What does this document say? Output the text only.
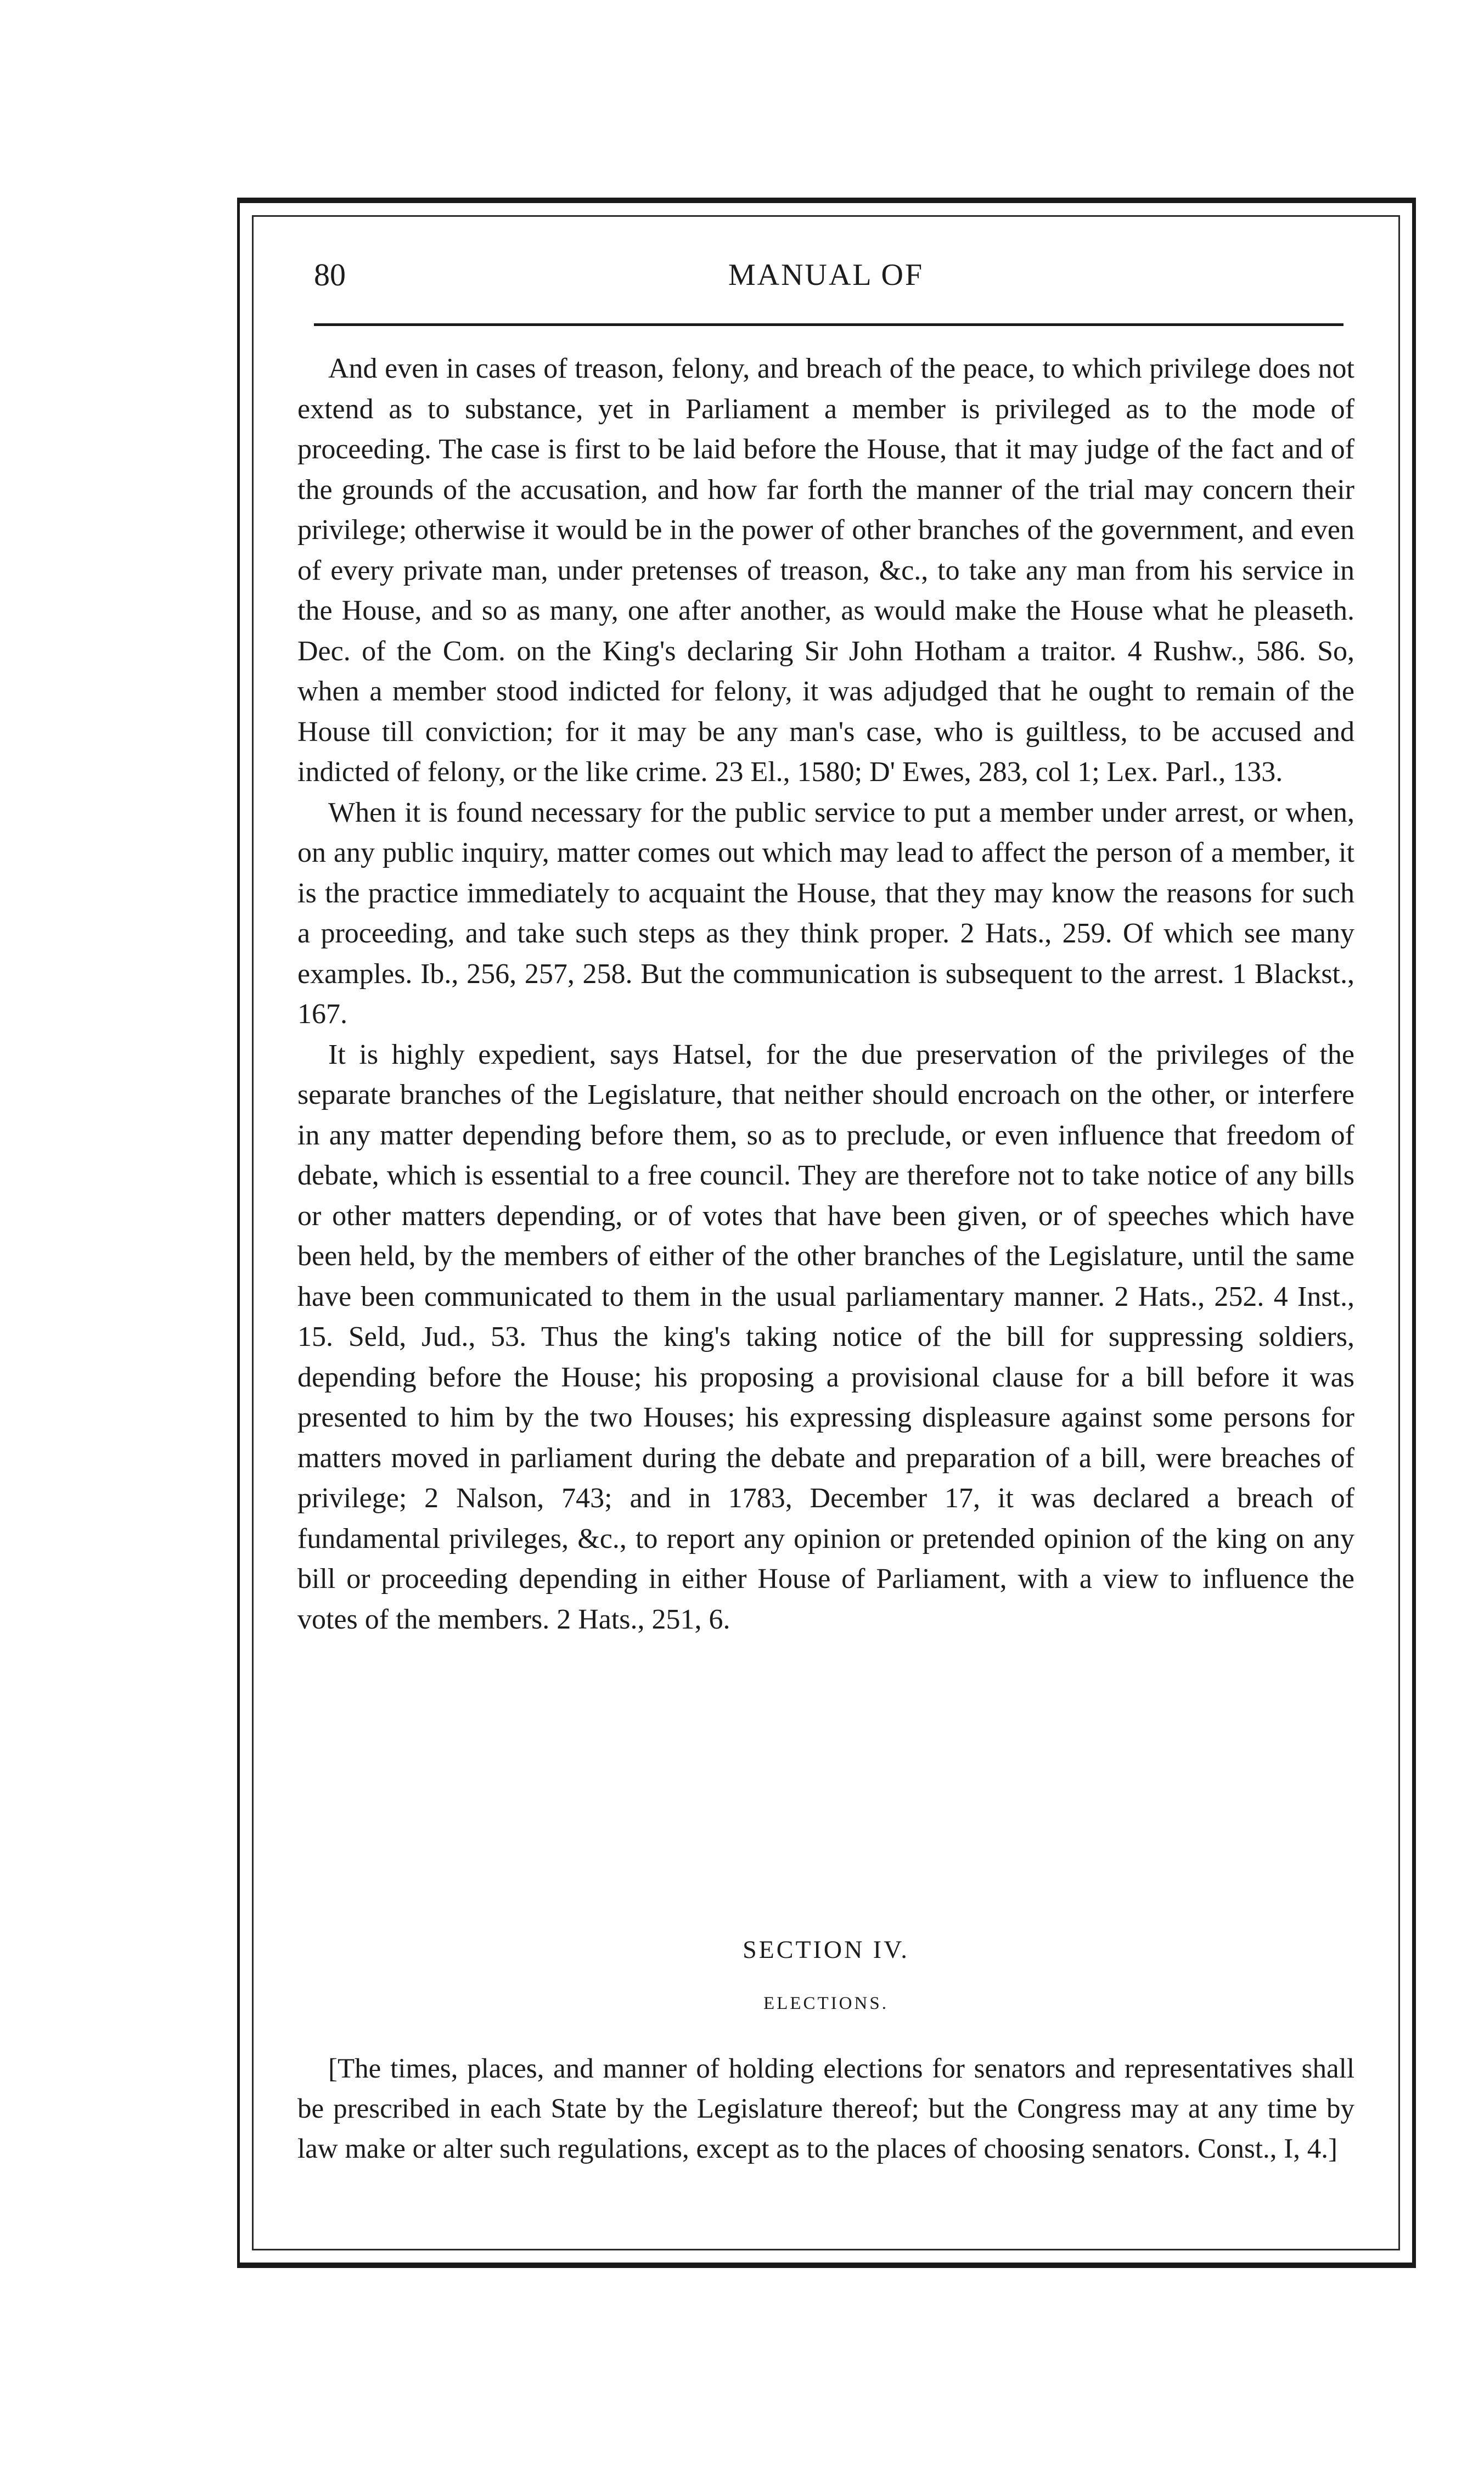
80	MANUAL OF

And even in cases of treason, felony, and breach of the peace, to which privilege does not extend as to substance, yet in Parliament a member is privileged as to the mode of proceeding. The case is first to be laid before the House, that it may judge of the fact and of the grounds of the accusation, and how far forth the manner of the trial may concern their privilege; otherwise it would be in the power of other branches of the government, and even of every private man, under pretenses of treason, &c., to take any man from his service in the House, and so as many, one after another, as would make the House what he pleaseth. Dec. of the Com. on the King's declaring Sir John Hotham a traitor. 4 Rushw., 586. So, when a member stood indicted for felony, it was adjudged that he ought to remain of the House till conviction; for it may be any man's case, who is guiltless, to be accused and indicted of felony, or the like crime. 23 El., 1580; D' Ewes, 283, col 1; Lex. Parl., 133.

When it is found necessary for the public service to put a member under arrest, or when, on any public inquiry, matter comes out which may lead to affect the person of a member, it is the practice immediately to acquaint the House, that they may know the reasons for such a proceeding, and take such steps as they think proper. 2 Hats., 259. Of which see many examples. Ib., 256, 257, 258. But the communication is subsequent to the arrest. 1 Blackst., 167.

It is highly expedient, says Hatsel, for the due preservation of the privileges of the separate branches of the Legislature, that neither should encroach on the other, or interfere in any matter depending before them, so as to preclude, or even influence that freedom of debate, which is essential to a free council. They are therefore not to take notice of any bills or other matters depending, or of votes that have been given, or of speeches which have been held, by the members of either of the other branches of the Legislature, until the same have been communicated to them in the usual parliamentary manner. 2 Hats., 252. 4 Inst., 15. Seld, Jud., 53. Thus the king's taking notice of the bill for suppressing soldiers, depending before the House; his proposing a provisional clause for a bill before it was presented to him by the two Houses; his expressing displeasure against some persons for matters moved in parliament during the debate and preparation of a bill, were breaches of privilege; 2 Nalson, 743; and in 1783, December 17, it was declared a breach of fundamental privileges, &c., to report any opinion or pretended opinion of the king on any bill or proceeding depending in either House of Parliament, with a view to influence the votes of the members. 2 Hats., 251, 6.

SECTION IV.
ELECTIONS.

[The times, places, and manner of holding elections for senators and representatives shall be prescribed in each State by the Legislature thereof; but the Congress may at any time by law make or alter such regulations, except as to the places of choosing senators. Const., I, 4.]
